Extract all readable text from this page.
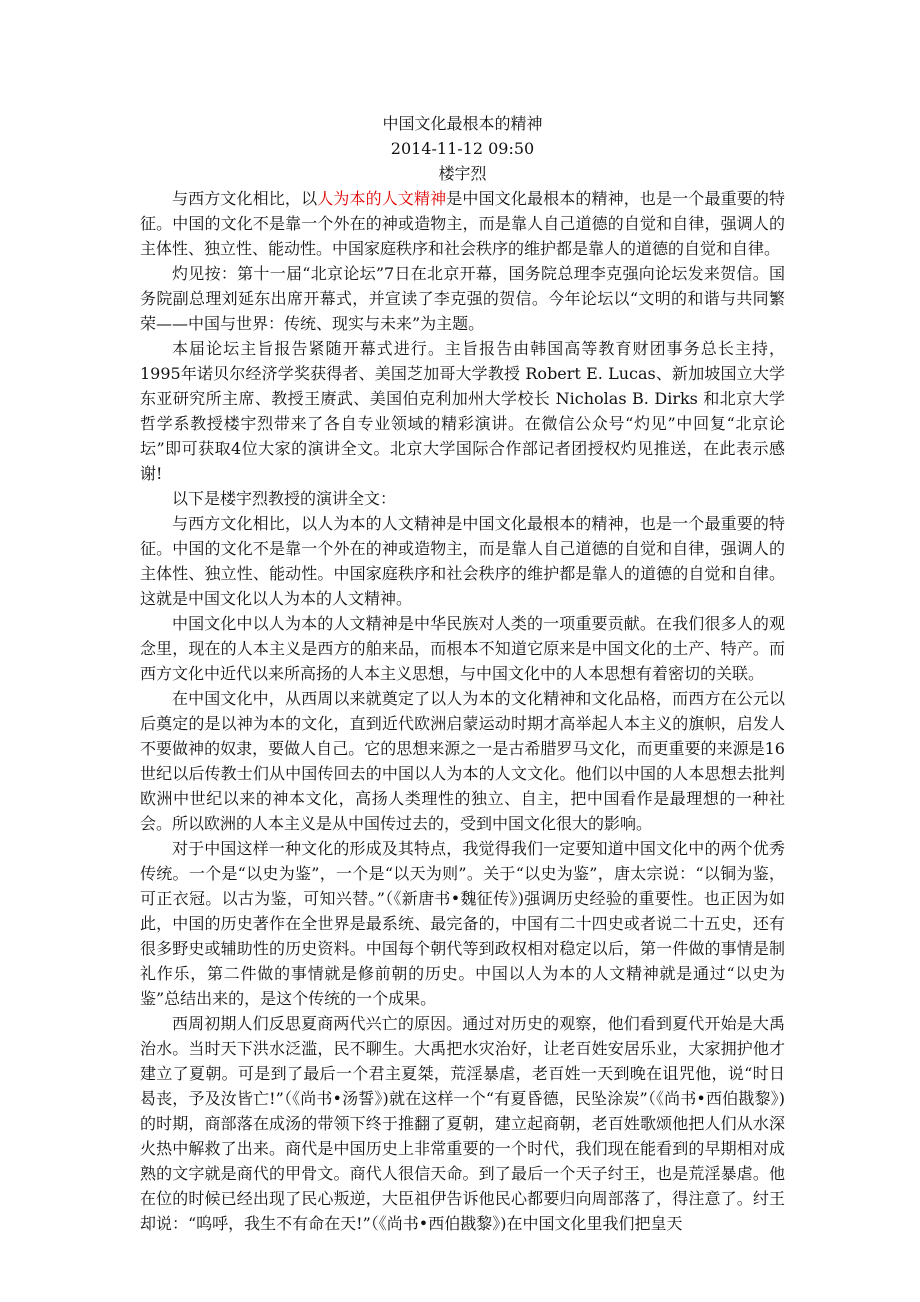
中国文化最根本的精神

2014-11-12 09:50

楼宇烈

与西方文化相比，以人为本的人文精神是中国文化最根本的精神，也是一个最重要的特征。中国的文化不是靠一个外在的神或造物主，而是靠人自己道德的自觉和自律，强调人的主体性、独立性、能动性。中国家庭秩序和社会秩序的维护都是靠人的道德的自觉和自律。

灼见按：第十一届“北京论坛”7日在北京开幕，国务院总理李克强向论坛发来贺信。国务院副总理刘延东出席开幕式，并宣读了李克强的贺信。今年论坛以“文明的和谐与共同繁荣——中国与世界：传统、现实与未来”为主题。

本届论坛主旨报告紧随开幕式进行。主旨报告由韩国高等教育财团事务总长主持，1995年诺贝尔经济学奖获得者、美国芝加哥大学教授 Robert E. Lucas、新加坡国立大学东亚研究所主席、教授王赓武、美国伯克利加州大学校长 Nicholas B. Dirks 和北京大学哲学系教授楼宇烈带来了各自专业领域的精彩演讲。在微信公众号“灼见”中回复“北京论坛”即可获取4位大家的演讲全文。北京大学国际合作部记者团授权灼见推送，在此表示感谢!

以下是楼宇烈教授的演讲全文：

与西方文化相比，以人为本的人文精神是中国文化最根本的精神，也是一个最重要的特征。中国的文化不是靠一个外在的神或造物主，而是靠人自己道德的自觉和自律，强调人的主体性、独立性、能动性。中国家庭秩序和社会秩序的维护都是靠人的道德的自觉和自律。这就是中国文化以人为本的人文精神。

中国文化中以人为本的人文精神是中华民族对人类的一项重要贡献。在我们很多人的观念里，现在的人本主义是西方的舶来品，而根本不知道它原来是中国文化的土产、特产。而西方文化中近代以来所高扬的人本主义思想，与中国文化中的人本思想有着密切的关联。

在中国文化中，从西周以来就奠定了以人为本的文化精神和文化品格，而西方在公元以后奠定的是以神为本的文化，直到近代欧洲启蒙运动时期才高举起人本主义的旗帜，启发人不要做神的奴隶，要做人自己。它的思想来源之一是古希腊罗马文化，而更重要的来源是16世纪以后传教士们从中国传回去的中国以人为本的人文文化。他们以中国的人本思想去批判欧洲中世纪以来的神本文化，高扬人类理性的独立、自主，把中国看作是最理想的一种社会。所以欧洲的人本主义是从中国传过去的，受到中国文化很大的影响。

对于中国这样一种文化的形成及其特点，我觉得我们一定要知道中国文化中的两个优秀传统。一个是“以史为鉴”，一个是“以天为则”。关于“以史为鉴”，唐太宗说：“以铜为鉴，可正衣冠。以古为鉴，可知兴替。”（《新唐书•魏征传》)强调历史经验的重要性。也正因为如此，中国的历史著作在全世界是最系统、最完备的，中国有二十四史或者说二十五史，还有很多野史或辅助性的历史资料。中国每个朝代等到政权相对稳定以后，第一件做的事情是制礼作乐，第二件做的事情就是修前朝的历史。中国以人为本的人文精神就是通过“以史为鉴”总结出来的，是这个传统的一个成果。

西周初期人们反思夏商两代兴亡的原因。通过对历史的观察，他们看到夏代开始是大禹治水。当时天下洪水泛滥，民不聊生。大禹把水灾治好，让老百姓安居乐业，大家拥护他才建立了夏朝。可是到了最后一个君主夏桀，荒淫暴虐，老百姓一天到晚在诅咒他，说“时日曷丧，予及汝皆亡!”（《尚书•汤誓》)就在这样一个“有夏昏德，民坠涂炭”（《尚书•西伯戡黎》)的时期，商部落在成汤的带领下终于推翻了夏朝，建立起商朝，老百姓歌颂他把人们从水深火热中解救了出来。商代是中国历史上非常重要的一个时代，我们现在能看到的早期相对成熟的文字就是商代的甲骨文。商代人很信天命。到了最后一个天子纣王，也是荒淫暴虐。他在位的时候已经出现了民心叛逆，大臣祖伊告诉他民心都要归向周部落了，得注意了。纣王却说：“呜呼，我生不有命在天!”（《尚书•西伯戡黎》)在中国文化里我们把皇天
